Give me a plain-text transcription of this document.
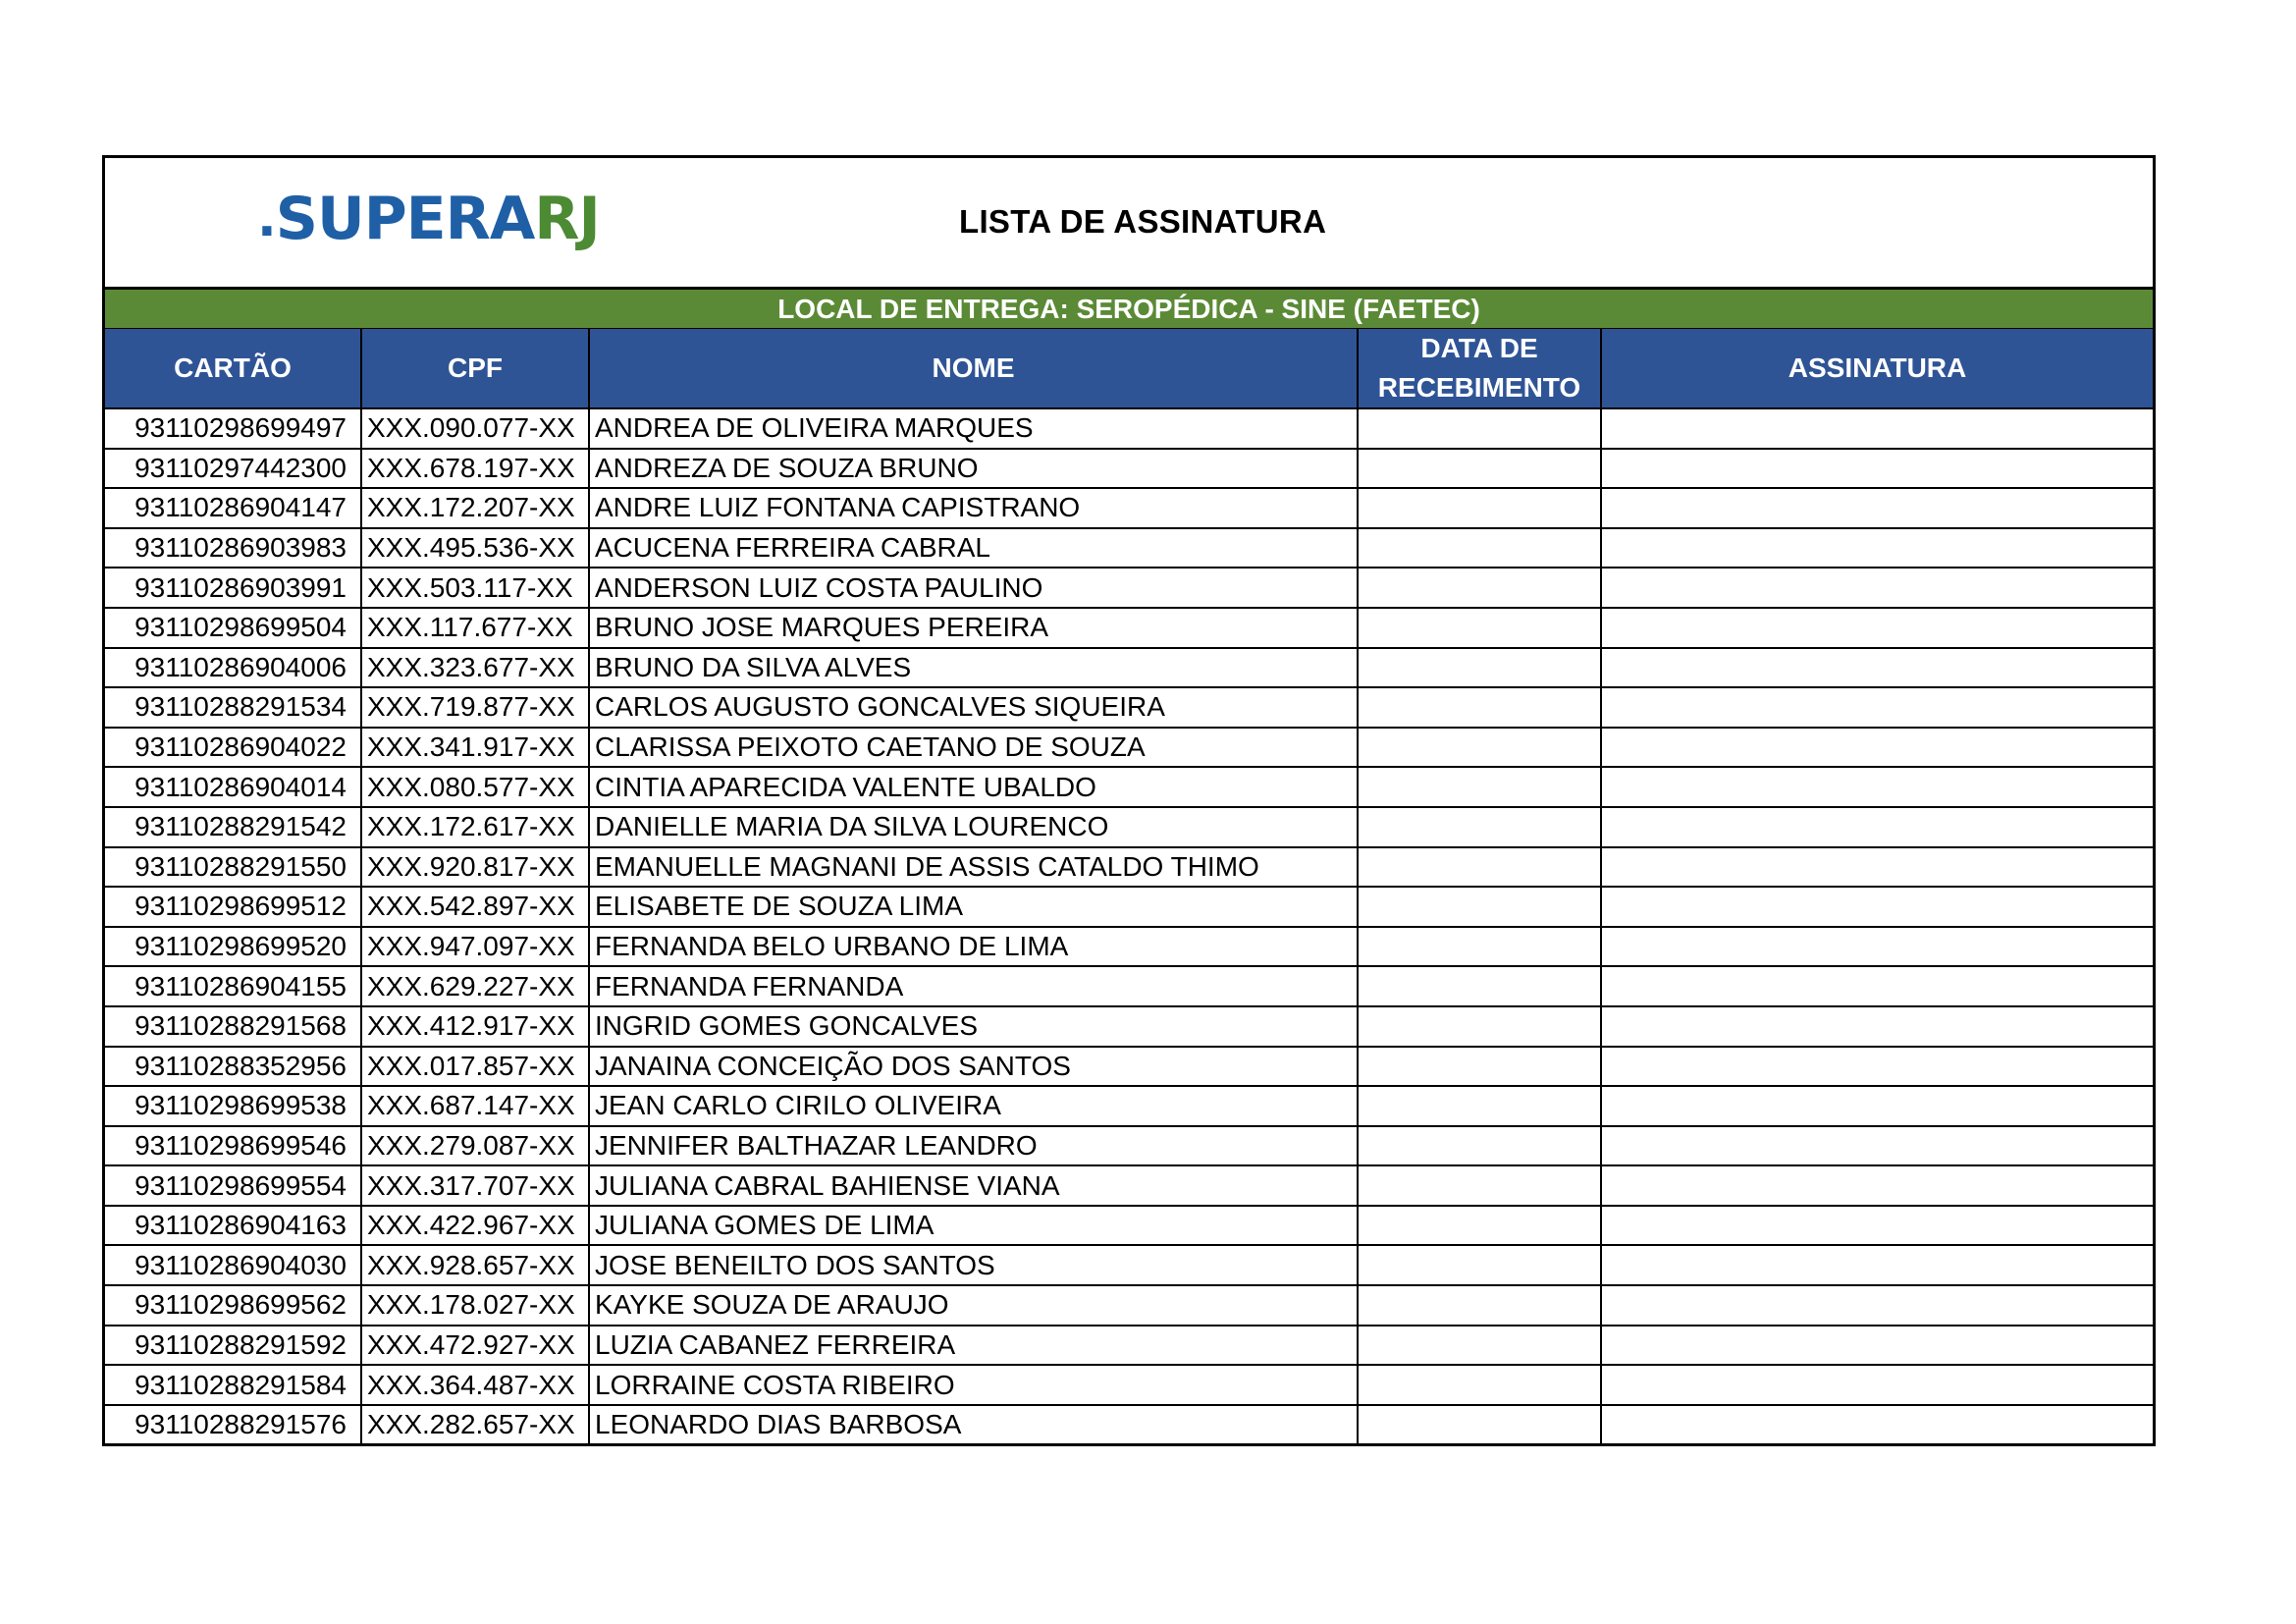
. SUPERA RJ	LISTA DE ASSINATURA
LOCAL DE ENTREGA: SEROPÉDICA - SINE (FAETEC)
CARTÃO	CPF	NOME	DATA DE RECEBIMENTO	ASSINATURA
93110298699497	XXX.090.077-XX	ANDREA DE OLIVEIRA MARQUES		
93110297442300	XXX.678.197-XX	ANDREZA DE SOUZA BRUNO		
93110286904147	XXX.172.207-XX	ANDRE LUIZ FONTANA CAPISTRANO		
93110286903983	XXX.495.536-XX	ACUCENA FERREIRA CABRAL		
93110286903991	XXX.503.117-XX	ANDERSON LUIZ COSTA PAULINO		
93110298699504	XXX.117.677-XX	BRUNO JOSE MARQUES PEREIRA		
93110286904006	XXX.323.677-XX	BRUNO DA SILVA ALVES		
93110288291534	XXX.719.877-XX	CARLOS AUGUSTO GONCALVES SIQUEIRA		
93110286904022	XXX.341.917-XX	CLARISSA PEIXOTO CAETANO DE SOUZA		
93110286904014	XXX.080.577-XX	CINTIA APARECIDA VALENTE UBALDO		
93110288291542	XXX.172.617-XX	DANIELLE MARIA DA SILVA LOURENCO		
93110288291550	XXX.920.817-XX	EMANUELLE MAGNANI DE ASSIS CATALDO THIMO		
93110298699512	XXX.542.897-XX	ELISABETE DE SOUZA LIMA		
93110298699520	XXX.947.097-XX	FERNANDA BELO URBANO DE LIMA		
93110286904155	XXX.629.227-XX	FERNANDA FERNANDA		
93110288291568	XXX.412.917-XX	INGRID GOMES GONCALVES		
93110288352956	XXX.017.857-XX	JANAINA CONCEIÇÃO DOS SANTOS		
93110298699538	XXX.687.147-XX	JEAN CARLO CIRILO OLIVEIRA		
93110298699546	XXX.279.087-XX	JENNIFER BALTHAZAR LEANDRO		
93110298699554	XXX.317.707-XX	JULIANA CABRAL BAHIENSE VIANA		
93110286904163	XXX.422.967-XX	JULIANA GOMES DE LIMA		
93110286904030	XXX.928.657-XX	JOSE BENEILTO DOS SANTOS		
93110298699562	XXX.178.027-XX	KAYKE SOUZA DE ARAUJO		
93110288291592	XXX.472.927-XX	LUZIA CABANEZ FERREIRA		
93110288291584	XXX.364.487-XX	LORRAINE COSTA RIBEIRO		
93110288291576	XXX.282.657-XX	LEONARDO DIAS BARBOSA		
